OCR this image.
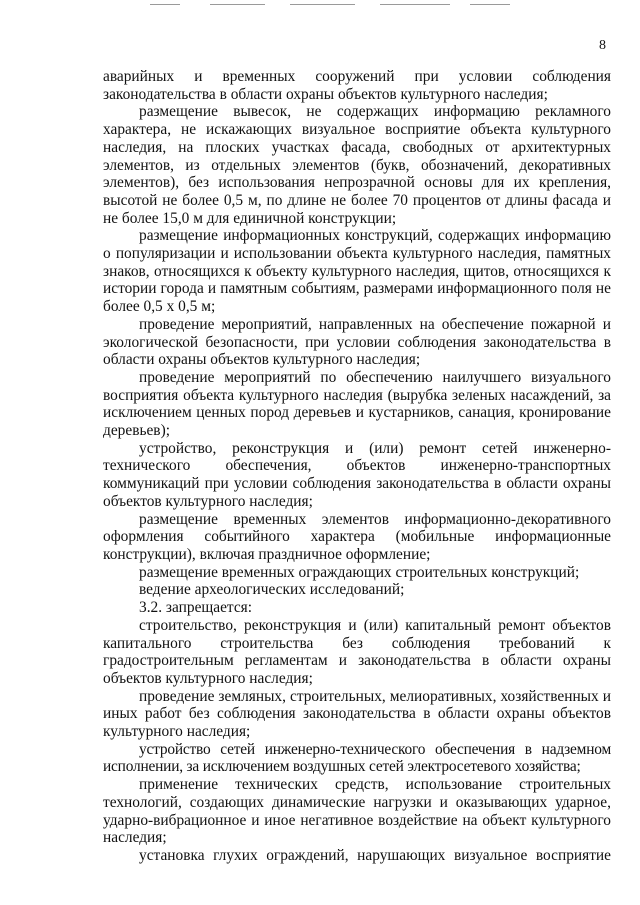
8

аварийных и временных сооружений при условии соблюдения законодательства в области охраны объектов культурного наследия;

размещение вывесок, не содержащих информацию рекламного характера, не искажающих визуальное восприятие объекта культурного наследия, на плоских участках фасада, свободных от архитектурных элементов, из отдельных элементов (букв, обозначений, декоративных элементов), без использования непрозрачной основы для их крепления, высотой не более 0,5 м, по длине не более 70 процентов от длины фасада и не более 15,0 м для единичной конструкции;

размещение информационных конструкций, содержащих информацию о популяризации и использовании объекта культурного наследия, памятных знаков, относящихся к объекту культурного наследия, щитов, относящихся к истории города и памятным событиям, размерами информационного поля не более 0,5 х 0,5 м;

проведение мероприятий, направленных на обеспечение пожарной и экологической безопасности, при условии соблюдения законодательства в области охраны объектов культурного наследия;

проведение мероприятий по обеспечению наилучшего визуального восприятия объекта культурного наследия (вырубка зеленых насаждений, за исключением ценных пород деревьев и кустарников, санация, кронирование деревьев);

устройство, реконструкция и (или) ремонт сетей инженерно-технического обеспечения, объектов инженерно-транспортных коммуникаций при условии соблюдения законодательства в области охраны объектов культурного наследия;

размещение временных элементов информационно-декоративного оформления событийного характера (мобильные информационные конструкции), включая праздничное оформление;

размещение временных ограждающих строительных конструкций;

ведение археологических исследований;

3.2. запрещается:

строительство, реконструкция и (или) капитальный ремонт объектов капитального строительства без соблюдения требований к градостроительным регламентам и законодательства в области охраны объектов культурного наследия;

проведение земляных, строительных, мелиоративных, хозяйственных и иных работ без соблюдения законодательства в области охраны объектов культурного наследия;

устройство сетей инженерно-технического обеспечения в надземном исполнении, за исключением воздушных сетей электросетевого хозяйства;

применение технических средств, использование строительных технологий, создающих динамические нагрузки и оказывающих ударное, ударно-вибрационное и иное негативное воздействие на объект культурного наследия;

установка глухих ограждений, нарушающих визуальное восприятие
